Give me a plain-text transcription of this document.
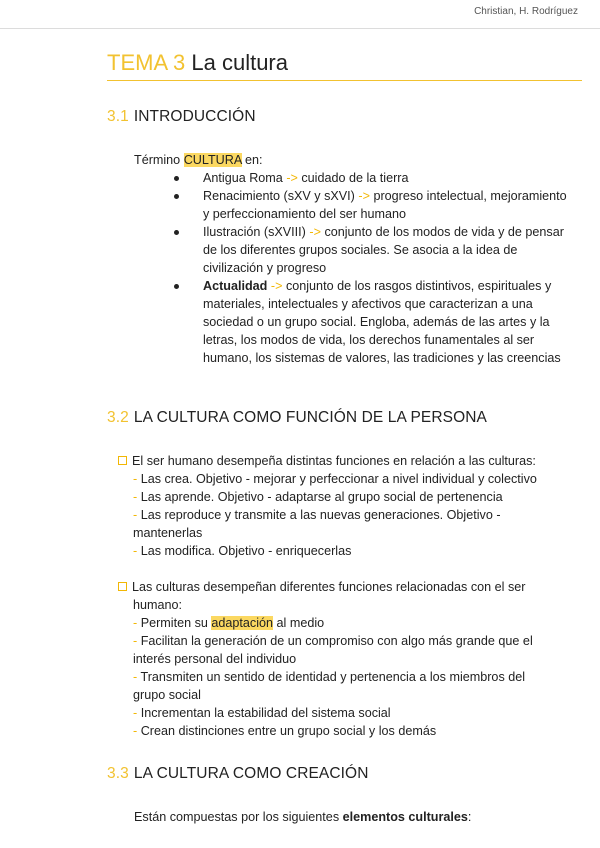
Christian, H. Rodríguez
TEMA 3 La cultura
3.1 INTRODUCCIÓN
Término CULTURA en:
Antigua Roma -> cuidado de la tierra
Renacimiento (sXV y sXVI) -> progreso intelectual, mejoramiento y perfeccionamiento del ser humano
Ilustración (sXVIII) -> conjunto de los modos de vida y de pensar de los diferentes grupos sociales. Se asocia a la idea de civilización y progreso
Actualidad -> conjunto de los rasgos distintivos, espirituales y materiales, intelectuales y afectivos que caracterizan a una sociedad o un grupo social. Engloba, además de las artes y la letras, los modos de vida, los derechos funamentales al ser humano, los sistemas de valores, las tradiciones y las creencias
3.2 LA CULTURA COMO FUNCIÓN DE LA PERSONA
El ser humano desempeña distintas funciones en relación a las culturas:
- Las crea. Objetivo - mejorar y perfeccionar a nivel individual y colectivo
- Las aprende. Objetivo - adaptarse al grupo social de pertenencia
- Las reproduce y transmite a las nuevas generaciones. Objetivo -
mantenerlas
- Las modifica. Objetivo - enriquecerlas
Las culturas desempeñan diferentes funciones relacionadas con el ser
humano:
- Permiten su adaptación al medio
- Facilitan la generación de un compromiso con algo más grande que el
interés personal del individuo
- Transmiten un sentido de identidad y pertenencia a los miembros del
grupo social
- Incrementan la estabilidad del sistema social
- Crean distinciones entre un grupo social y los demás
3.3 LA CULTURA COMO CREACIÓN
Están compuestas por los siguientes elementos culturales:
